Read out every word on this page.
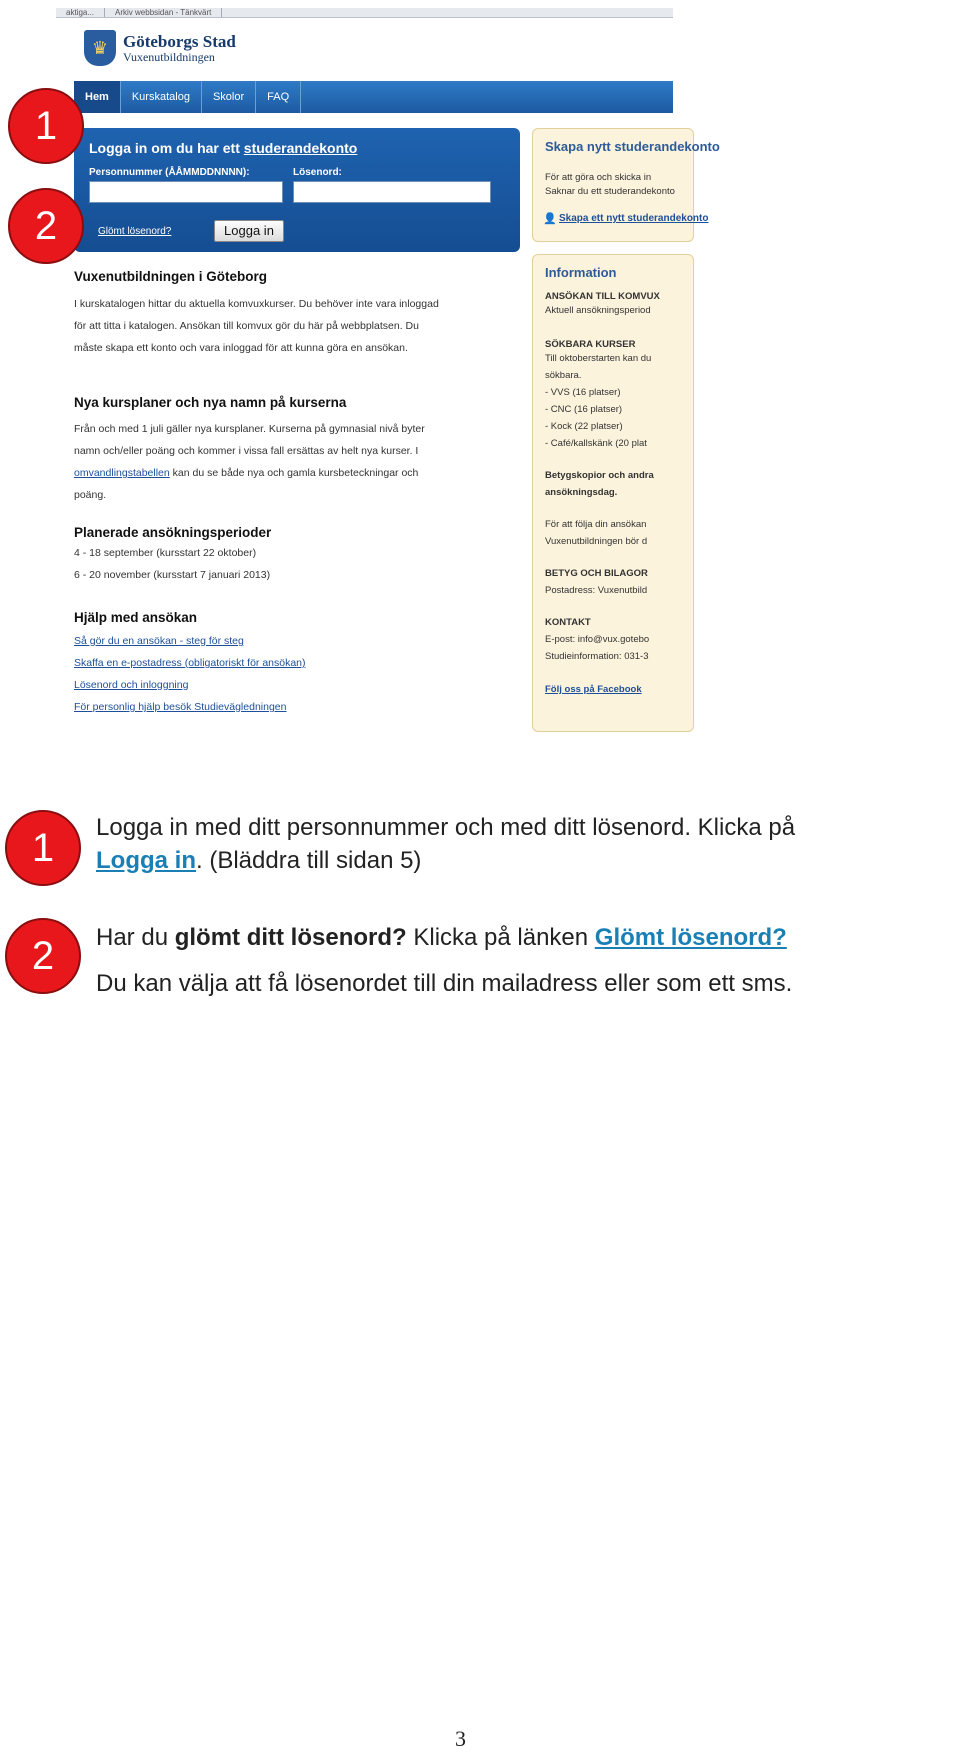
aktiga...	Arkiv webbsidan - Tänkvärt
♛ Göteborgs Stad
Vuxenutbildningen
Hem	Kurskatalog	Skolor	FAQ
Logga in om du har ett studerandekonto
Personnummer (ÅÅMMDDNNNN):	Lösenord:
Glömt lösenord?	Logga in
Skapa nytt studerandekonto
För att göra och skicka in
Saknar du ett studerandekonto
👤 Skapa ett nytt studerandekonto
Information
ANSÖKAN TILL KOMVUX
Aktuell ansökningsperiod
SÖKBARA KURSER
Till oktoberstarten kan du
sökbara.
- VVS (16 platser)
- CNC (16 platser)
- Kock (22 platser)
- Café/kallskänk (20 plat
Betygskopior och andra
ansökningsdag.
För att följa din ansökan
Vuxenutbildningen bör d
BETYG OCH BILAGOR
Postadress: Vuxenutbild
KONTAKT
E-post: info@vux.gotebo
Studieinformation: 031-3
Följ oss på Facebook
Vuxenutbildningen i Göteborg
I kurskatalogen hittar du aktuella komvuxkurser. Du behöver inte vara inloggad
för att titta i katalogen. Ansökan till komvux gör du här på webbplatsen. Du
måste skapa ett konto och vara inloggad för att kunna göra en ansökan.
Nya kursplaner och nya namn på kurserna
Från och med 1 juli gäller nya kursplaner. Kurserna på gymnasial nivå byter
namn och/eller poäng och kommer i vissa fall ersättas av helt nya kurser. I
omvandlingstabellen kan du se både nya och gamla kursbeteckningar och
poäng.
Planerade ansökningsperioder
4 - 18 september (kursstart 22 oktober)
6 - 20 november (kursstart 7 januari 2013)
Hjälp med ansökan
Så gör du en ansökan - steg för steg
Skaffa en e-postadress (obligatoriskt för ansökan)
Lösenord och inloggning
För personlig hjälp besök Studievägledningen
1
2
1	Logga in med ditt personnummer och med ditt lösenord. Klicka på
Logga in. (Bläddra till sidan 5)
2	Har du glömt ditt lösenord? Klicka på länken Glömt lösenord?
Du kan välja att få lösenordet till din mailadress eller som ett sms.
3
